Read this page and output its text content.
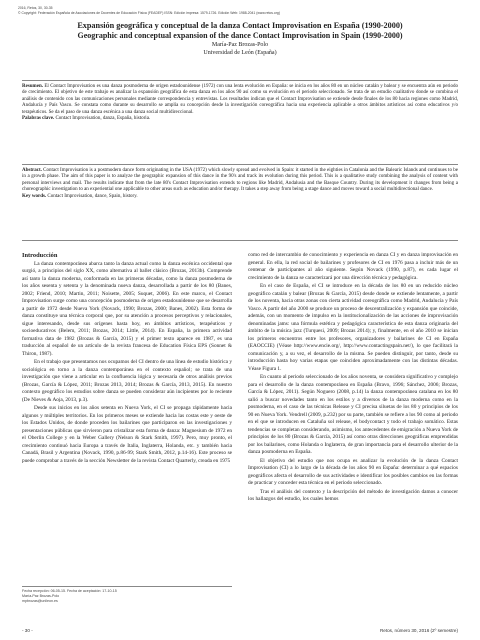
2016, Retos, 30, 30-35
© Copyright: Federación Española de Asociaciones de Docentes de Educación Física (FEADEF) ISSN: Edición impresa: 1579-1726. Edición Web: 1988-2041 (www.retos.org)
Expansión geográfica y conceptual de la danza Contact Improvisation en España (1990-2000)
Geographic and conceptual expansion of the dance Contact Improvisation in Spain (1990-2000)
María-Paz Brozas-Polo
Universidad de León (España)
Resumen. El Contact Improvisation es una danza posmoderna de origen estadounidense (1972) con una lenta evolución en España: se inicia en los años 80 en un núcleo catalán y balear y se encuentra aún en periodo de crecimiento. El objetivo de este trabajo es analizar la expansión geográfica de esta danza en los años 90 así como su evolución en el periodo seleccionado. Se trata de un estudio cualitativo donde se combina el análisis de contenido con las comunicaciones personales mediante correspondencia y entrevistas. Los resultados indican que el Contact Improvisation se extiende desde finales de los 80 hacia regiones como Madrid, Andalucía y País Vasco. Se constata como durante su desarrollo se amplía su concepción desde la investigación coreográfica hacia una experiencia aplicable a otros ámbitos artísticos así como educativos y/o terapéuticos. Se da el paso de una danza escénica a una danza social multidireccional.
Palabras clave. Contact Improvisation, danza, España, historia.
Abstract. Contact Improvisation is a postmodern dance form originating in the USA (1972) which slowly spread and evolved in Spain: it started in the eighties in Catalonia and the Balearic Islands and continues to be in a growth phase. The aim of this paper is to analyze the geographic expansion of this dance in the 90's and track its evolution during this period. This is a qualitative study combining the analysis of content with personal interviews and mail. The results indicate that from the late 80's Contact Improvisation extends to regions like Madrid, Andalusia and the Basque Country. During its development it changes from being a choreographic investigation to an experiential one applicable to other areas such as education and/or therapy. It takes a step away from being a stage dance and moves toward a social multidirectional dance.
Key words. Contact Improvisation, dance, Spain, history.

Introducción

La danza contemporánea abarca tanto la danza actual como la danza escénica occidental que surgió, a principios del siglo XX, como alternativa al ballet clásico (Brozas, 2013b). Comprende así tanto la danza moderna, conformada en las primeras décadas, como la danza posmoderna de los años sesenta y setenta y la denominada nueva danza, desarrollada a partir de los 80 (Banes, 2002; Friend, 2010; Martin, 2011; Noisette, 2005; Suquet, 2006). En este marco, el Contact Improvisation surge como una concepción posmoderna de origen estadounidense que se desarrolla a partir de 1972 desde Nueva York (Novack, 1990; Brozas, 2000; Banes, 2002). Esta forma de danza constituye una técnica corporal que, por su atención a procesos perceptivos y relacionales, sigue interesando, desde sus orígenes hasta hoy, en ámbitos artísticos, terapéuticos y socioeducativos (Belem, 2011; Brozas, 2014; Little, 2014). En España, la primera actividad formativa data de 1982 (Brozas & García, 2015) y el primer texto aparece en 1987, es una traducción al español de un artículo de la revista francesa de Education Física EPS (Sonnet & Thiron, 1987).

En el trabajo que presentamos nos ocupamos del CI dentro de una línea de estudio histórica y sociológica en torno a la danza contemporánea en el contexto español; se trata de una investigación que viene a articular en la confluencia lógica y necesaria de otros análisis previos (Brozas, García & López, 2011; Brozas 2013, 2014; Brozas & García, 2013, 2015). En nuestro contexto geográfico los estudios sobre danza se pueden considerar aún incipientes por lo reciente (De Nieves & Aoja, 2013, p.3).

Desde sus inicios en los años setenta en Nueva York, el CI se propaga rápidamente hacia algunos y múltiples territorios. En los primeros meses se extiende hacia las costas este y oeste de los Estados Unidos, de donde proceden los bailarines que participaron en las investigaciones y presentaciones públicas que sirvieron para cristalizar esta forma de danza: Magnesium de 1972 en el Oberlin College y en la Weber Gallery (Nelson & Stark Smith, 1997). Pero, muy pronto, el crecimiento continuó hacia Europa a través de Italia, Inglaterra, Holanda, etc. y también hacia Canadá, Brasil y Argentina (Novack, 1990, p.86-99; Stark Smith, 2012, p.14-16). Este proceso se puede comprobar a través de la sección Newsletter de la revista Contact Quarterly, creada en 1975

como red de intercambio de conocimiento y experiencia en danza CI y en danza improvisación en general. En ella, la red social de bailarines y profesores de CI en 1976 pasa a incluir más de un centenar de participantes al año siguiente. Según Novack (1990, p.87), es cada lugar el crecimiento de la danza se caracterizará por una dirección técnica y pedagógica.

En el caso de España, el CI se introduce en la década de los 80 en un reducido núcleo geográfico catalán y balear (Brozas & García, 2015) desde donde se extiende lentamente, a partir de los noventa, hacia otras zonas con cierta actividad coreográfica como Madrid, Andalucía y País Vasco. A partir del año 2000 se produce un proceso de descentralización y expansión que coincide, además, con un momento de impulso en la institucionalización de las acciones de improvisación denominadas jams: una fórmula estética y pedagógica característica de esta danza originaria del ámbito de la música jazz (Turquesi, 2009; Brozas 2014); y, finalmente, en el año 2010 se inician los primeros encuentros entre los profesores, organizadores y bailarines de CI en España (EAOCCIE) (Véase http://www.encie.org/, http://www.contactingspain.net/), lo que facilitará la comunicación y, a su vez, el desarrollo de la misma. Se pueden distinguir, por tanto, desde su introducción hasta hoy varias etapas que coinciden aproximadamente con las distintas décadas. Véase Figura 1.

En cuanto al periodo seleccionado de los años noventa, se considera significativo y complejo para el desarrollo de la danza contemporánea en España (Bravo, 1996; Sánchez, 2006; Brozas, García & López, 2011). Según Noguero (2008, p.14) la danza contemporánea catalana en los 80 salió a buscar novedades tanto en los estilos y a diversos de la danza moderna como en la posmoderna, en el caso de las técnicas Release y CI precisa siluetas de los 80 y principios de los 90 en Nueva York. Vendrell (2009, p.232) por su parte, también se refiere a los 90 como al periodo en el que se introducen en Cataluña sol release, el bodycontact y todo el trabajo somático. Estas tendencias se completan considerando, asimismo, los antecedentes de emigración a Nueva York de principios de los 80 (Brozas & García, 2015) así como otras direcciones geográficas emprendidas por los bailarines, como Holanda o Inglaterra, de gran importancia para el desarrollo ulterior de la danza posmoderna en España.

El objetivo del estudio que nos ocupa es analizar la evolución de la danza Contact Improvisation (CI) a lo largo de la década de los años 90 en España: determinar a qué espacios geográficos afecta el desarrollo de sus actividades e identificar los posibles cambios en las formas de practicar y conceder esta técnica en el periodo seleccionado.

Tras el análisis del contexto y la descripción del método de investigación damos a conocer los hallazgos del estudio, los cuales hemos

Fecha recepción: 06-05-15. Fecha de aceptación: 17-10-15
María-Paz Brozas-Polo
mpbrozas@unileon.es
- 30 -	Retos, número 30, 2016 (2º semestre)
